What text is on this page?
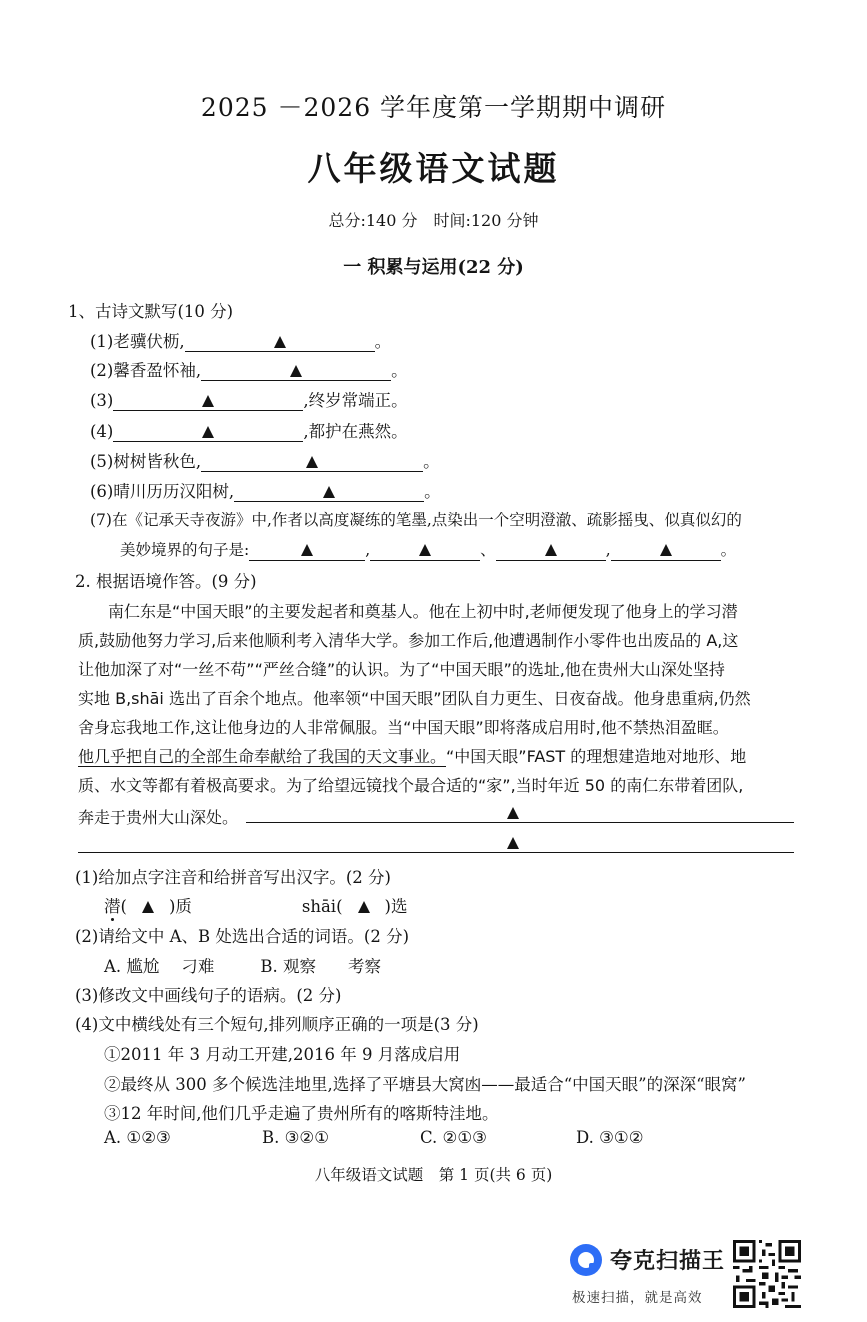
2025 －2026 学年度第一学期期中调研
八年级语文试题
总分:140 分　时间:120 分钟
一 积累与运用(22 分)
1、古诗文默写(10 分)
(1)老骥伏枥,	。
(2)馨香盈怀袖,	。
(3)	,终岁常端正。
(4)	,都护在燕然。
(5)树树皆秋色,	。
(6)晴川历历汉阳树,	。
(7)在《记承天寺夜游》中,作者以高度凝练的笔墨,点染出一个空明澄澈、疏影摇曳、似真似幻的
美妙境界的句子是:	,	、	,	。
2. 根据语境作答。(9 分)
南仁东是“中国天眼”的主要发起者和奠基人。他在上初中时,老师便发现了他身上的学习潜
质,鼓励他努力学习,后来他顺利考入清华大学。参加工作后,他遭遇制作小零件也出废品的 A,这
让他加深了对“一丝不苟”“严丝合缝”的认识。为了“中国天眼”的选址,他在贵州大山深处坚持
实地 B,shāi 选出了百余个地点。他率领“中国天眼”团队自力更生、日夜奋战。他身患重病,仍然
舍身忘我地工作,这让他身边的人非常佩服。当“中国天眼”即将落成启用时,他不禁热泪盈眶。
他几乎把自己的全部生命奉献给了我国的天文事业。“中国天眼”FAST 的理想建造地对地形、地
质、水文等都有着极高要求。为了给望远镜找个最合适的“家”,当时年近 50 的南仁东带着团队,
奔走于贵州大山深处。
(1)给加点字注音和给拼音写出汉字。(2 分)
潜(	)质	shāi(	)选
(2)请给文中 A、B 处选出合适的词语。(2 分)
A. 尴尬 刁难	B. 观察 考察
(3)修改文中画线句子的语病。(2 分)
(4)文中横线处有三个短句,排列顺序正确的一项是(3 分)
①2011 年 3 月动工开建,2016 年 9 月落成启用
②最终从 300 多个候选洼地里,选择了平塘县大窝凼——最适合“中国天眼”的深深“眼窝”
③12 年时间,他们几乎走遍了贵州所有的喀斯特洼地。
A. ①②③	B. ③②①	C. ②①③	D. ③①②
八年级语文试题　第 1 页(共 6 页)
夸克扫描王
极速扫描，就是高效
